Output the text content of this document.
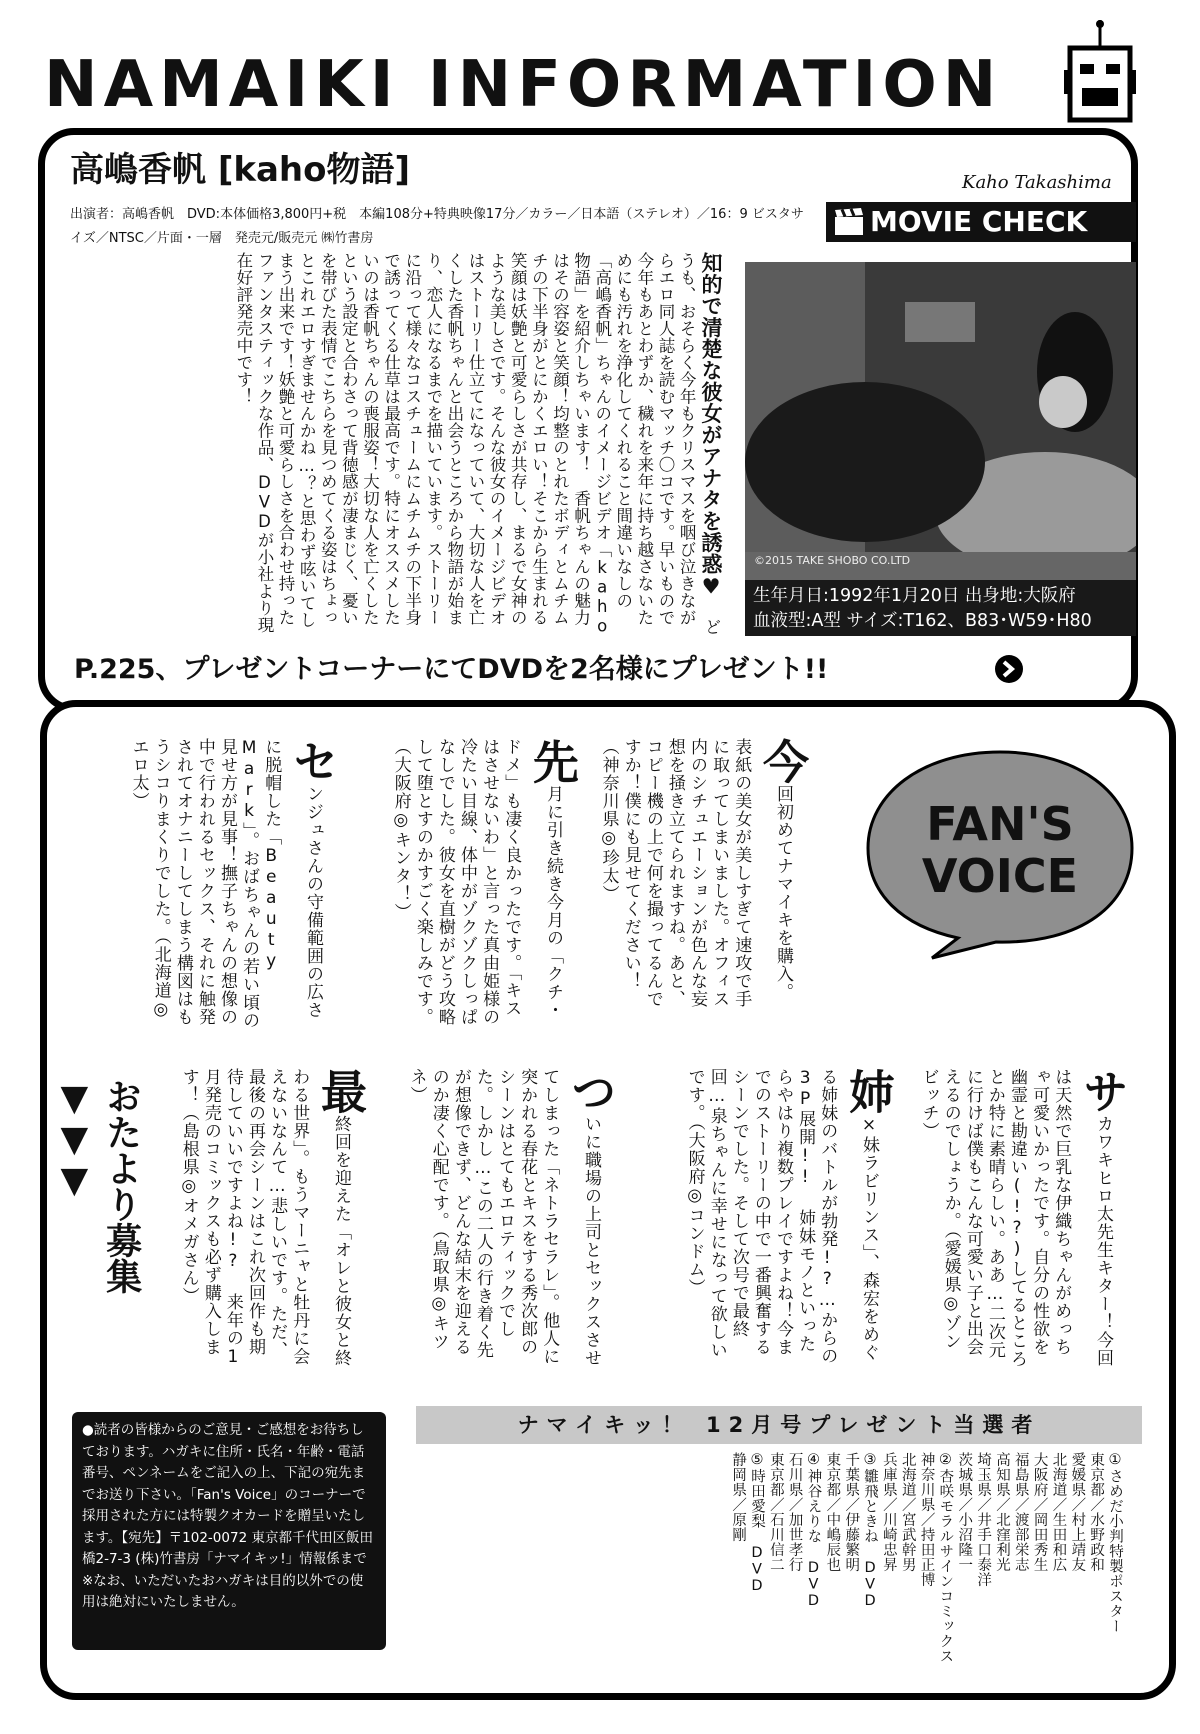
NAMAIKI INFORMATION
高嶋香帆 [kaho物語]	Kaho Takashima
出演者：高嶋香帆　DVD:本体価格3,800円+税　本編108分+特典映像17分／カラー／日本語（ステレオ）／16：9 ビスタサイズ／NTSC／片面・一層　発売元/販売元 ㈱竹書房
MOVIE CHECK
知的で清楚な彼女がアナタを誘惑♥ どうも、おそらく今年もクリスマスを咽び泣きながらエロ同人誌を読むマッチ〇コです。早いもので今年もあとわずか、穢れを来年に持ち越さないためにも汚れを浄化してくれること間違いなしの「高嶋香帆」ちゃんのイメージビデオ「kaho物語」を紹介しちゃいます！　香帆ちゃんの魅力はその容姿と笑顔！均整のとれたボディとムチムチの下半身がとにかくエロい！そこから生まれる笑顔は妖艶と可愛らしさが共存し、まるで女神のような美しさです。そんな彼女のイメージビデオはストーリー仕立てになっていて、大切な人を亡くした香帆ちゃんと出会うところから物語が始まり、恋人になるまでを描いています。ストーリーに沿って様々なコスチュームにムチムチの下半身で誘ってくる仕草は最高です。特にオススメしたいのは香帆ちゃんの喪服姿！大切な人を亡くしたという設定と合わさって背徳感が凄まじく、憂いを帯びた表情でこちらを見つめてくる姿はちょっとこれエロすぎませんかね…？と思わず呟いてしまう出来です！妖艶と可愛らしさを合わせ持ったファンタスティックな作品、DVDが小社より現在好評発売中です！
©2015 TAKE SHOBO CO.LTD
生年月日:1992年1月20日 出身地:大阪府
血液型:A型 サイズ:T162、B83･W59･H80
P.225、プレゼントコーナーにてDVDを2名様にプレゼント!!
FAN'S VOICE
今回初めてナマイキを購入。表紙の美女が美しすぎて速攻で手に取ってしまいました。オフィス内のシチュエーションが色んな妄想を掻き立てられますね。あと、コピー機の上で何を撮ってるんですか！僕にも見せてください！（神奈川県◎珍太）
先月に引き続き今月の「クチ・ドメ」も凄く良かったです。「キスはさせないわ」と言った真由姫様の冷たい目線、体中がゾクゾクしっぱなしでした。彼女を直樹がどう攻略して堕とすのかすごく楽しみです。（大阪府◎キンタ！）
センジュさんの守備範囲の広さに脱帽した「Beauty Mark」。おばちゃんの若い頃の見せ方が見事！撫子ちゃんの想像の中で行われるセックス、それに触発されてオナニーしてしまう構図はもうシコりまくりでした。（北海道◎エロ太）
サカワキヒロ太先生キター！今回は天然で巨乳な伊織ちゃんがめっちゃ可愛いかったです。自分の性欲を幽霊と勘違い(!?)してるところとか特に素晴らしい。ああ…二次元に行けば僕もこんな可愛い子と出会えるのでしょうか。（愛媛県◎ゾンビッチ）
姉×妹ラビリンス」、森宏をめぐる姉妹のバトルが勃発!?…からの3P展開!! 姉妹モノといったらやはり複数プレイですよね！今までのストーリーの中で一番興奮するシーンでした。そして次号で最終回…泉ちゃんに幸せになって欲しいです。（大阪府◎コンドム）
ついに職場の上司とセックスさせてしまった「ネトラセラレ」。他人に突かれる春花とキスをする秀次郎のシーンはとてもエロティックでした。しかし…この二人の行き着く先が想像できず、どんな結末を迎えるのか凄く心配です。（鳥取県◎キツネ）
最終回を迎えた「オレと彼女と終わる世界」。もうマーニャと牡丹に会えないなんて…悲しいです。ただ、最後の再会シーンはこれ次回作も期待していいですよね!? 来年の1月発売のコミックスも必ず購入します！（島根県◎オメガさん）
おたより募集▼▼▼
●読者の皆様からのご意見・ご感想をお待ちしております。ハガキに住所・氏名・年齢・電話番号、ペンネームをご記入の上、下記の宛先までお送り下さい。「Fan's Voice」のコーナーで採用された方には特製クオカードを贈呈いたします。【宛先】〒102-0072 東京都千代田区飯田橋2-7-3 (株)竹書房「ナマイキッ!」情報係まで ※なお、いただいたおハガキは目的以外での使用は絶対にいたしません。
ナマイキッ！ 12月号プレゼント当選者
①さめだ小判特製ポスター
東京都／水野政和
愛媛県／村上靖友
北海道／生田和広
大阪府／岡田秀生
福島県／渡部栄志
高知県／北窪利光
埼玉県／井手口泰洋
茨城県／小沼隆一
②杏咲モラルサインコミックス
神奈川県／持田正博
北海道／宮武幹男
兵庫県／川崎忠昇
③雛飛ときね DVD
千葉県／伊藤繁明
東京都／中嶋辰也
④神谷えりな DVD
石川県／加世孝行
東京都／石川信二
⑤時田愛梨 DVD
静岡県／原剛
